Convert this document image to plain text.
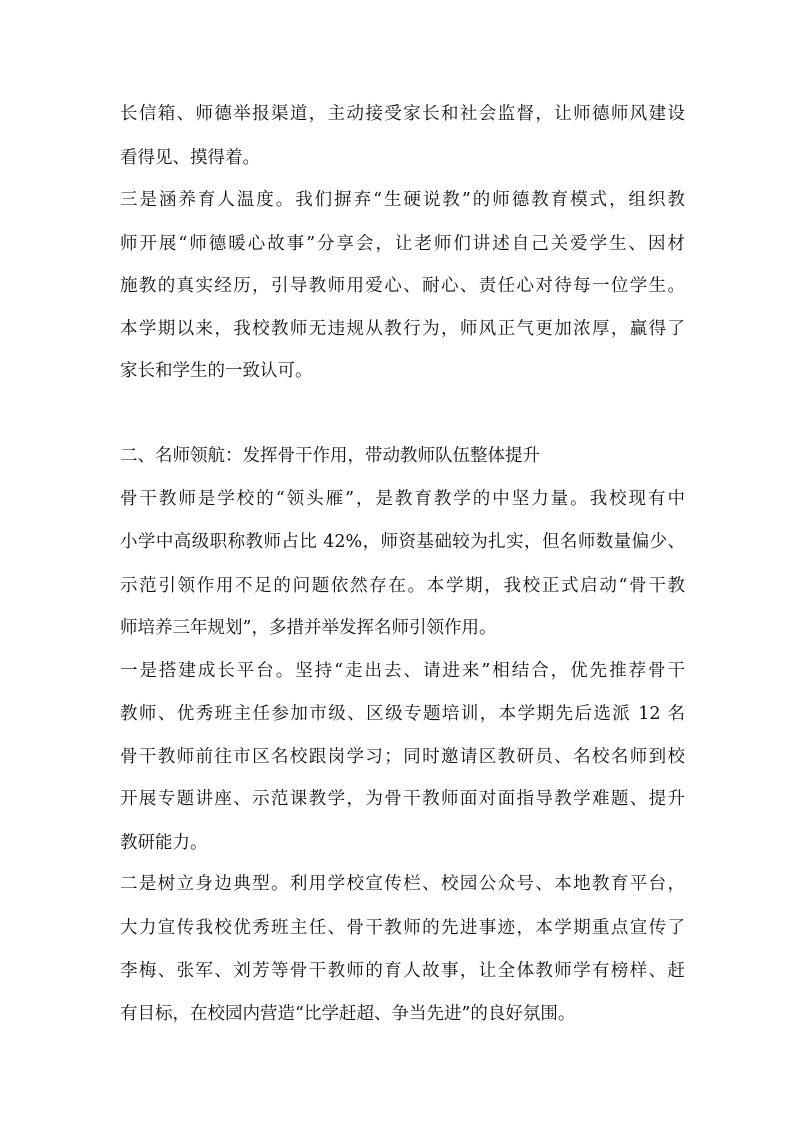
长信箱、师德举报渠道，主动接受家长和社会监督，让师德师风建设
看得见、摸得着。
三是涵养育人温度。我们摒弃“生硬说教”的师德教育模式，组织教
师开展“师德暖心故事”分享会，让老师们讲述自己关爱学生、因材
施教的真实经历，引导教师用爱心、耐心、责任心对待每一位学生。
本学期以来，我校教师无违规从教行为，师风正气更加浓厚，赢得了
家长和学生的一致认可。
二、名师领航：发挥骨干作用，带动教师队伍整体提升
骨干教师是学校的“领头雁”，是教育教学的中坚力量。我校现有中
小学中高级职称教师占比 42%，师资基础较为扎实，但名师数量偏少、
示范引领作用不足的问题依然存在。本学期，我校正式启动“骨干教
师培养三年规划”，多措并举发挥名师引领作用。
一是搭建成长平台。坚持“走出去、请进来”相结合，优先推荐骨干
教师、优秀班主任参加市级、区级专题培训，本学期先后选派 12 名
骨干教师前往市区名校跟岗学习；同时邀请区教研员、名校名师到校
开展专题讲座、示范课教学，为骨干教师面对面指导教学难题、提升
教研能力。
二是树立身边典型。利用学校宣传栏、校园公众号、本地教育平台，
大力宣传我校优秀班主任、骨干教师的先进事迹，本学期重点宣传了
李梅、张军、刘芳等骨干教师的育人故事，让全体教师学有榜样、赶
有目标，在校园内营造“比学赶超、争当先进”的良好氛围。
